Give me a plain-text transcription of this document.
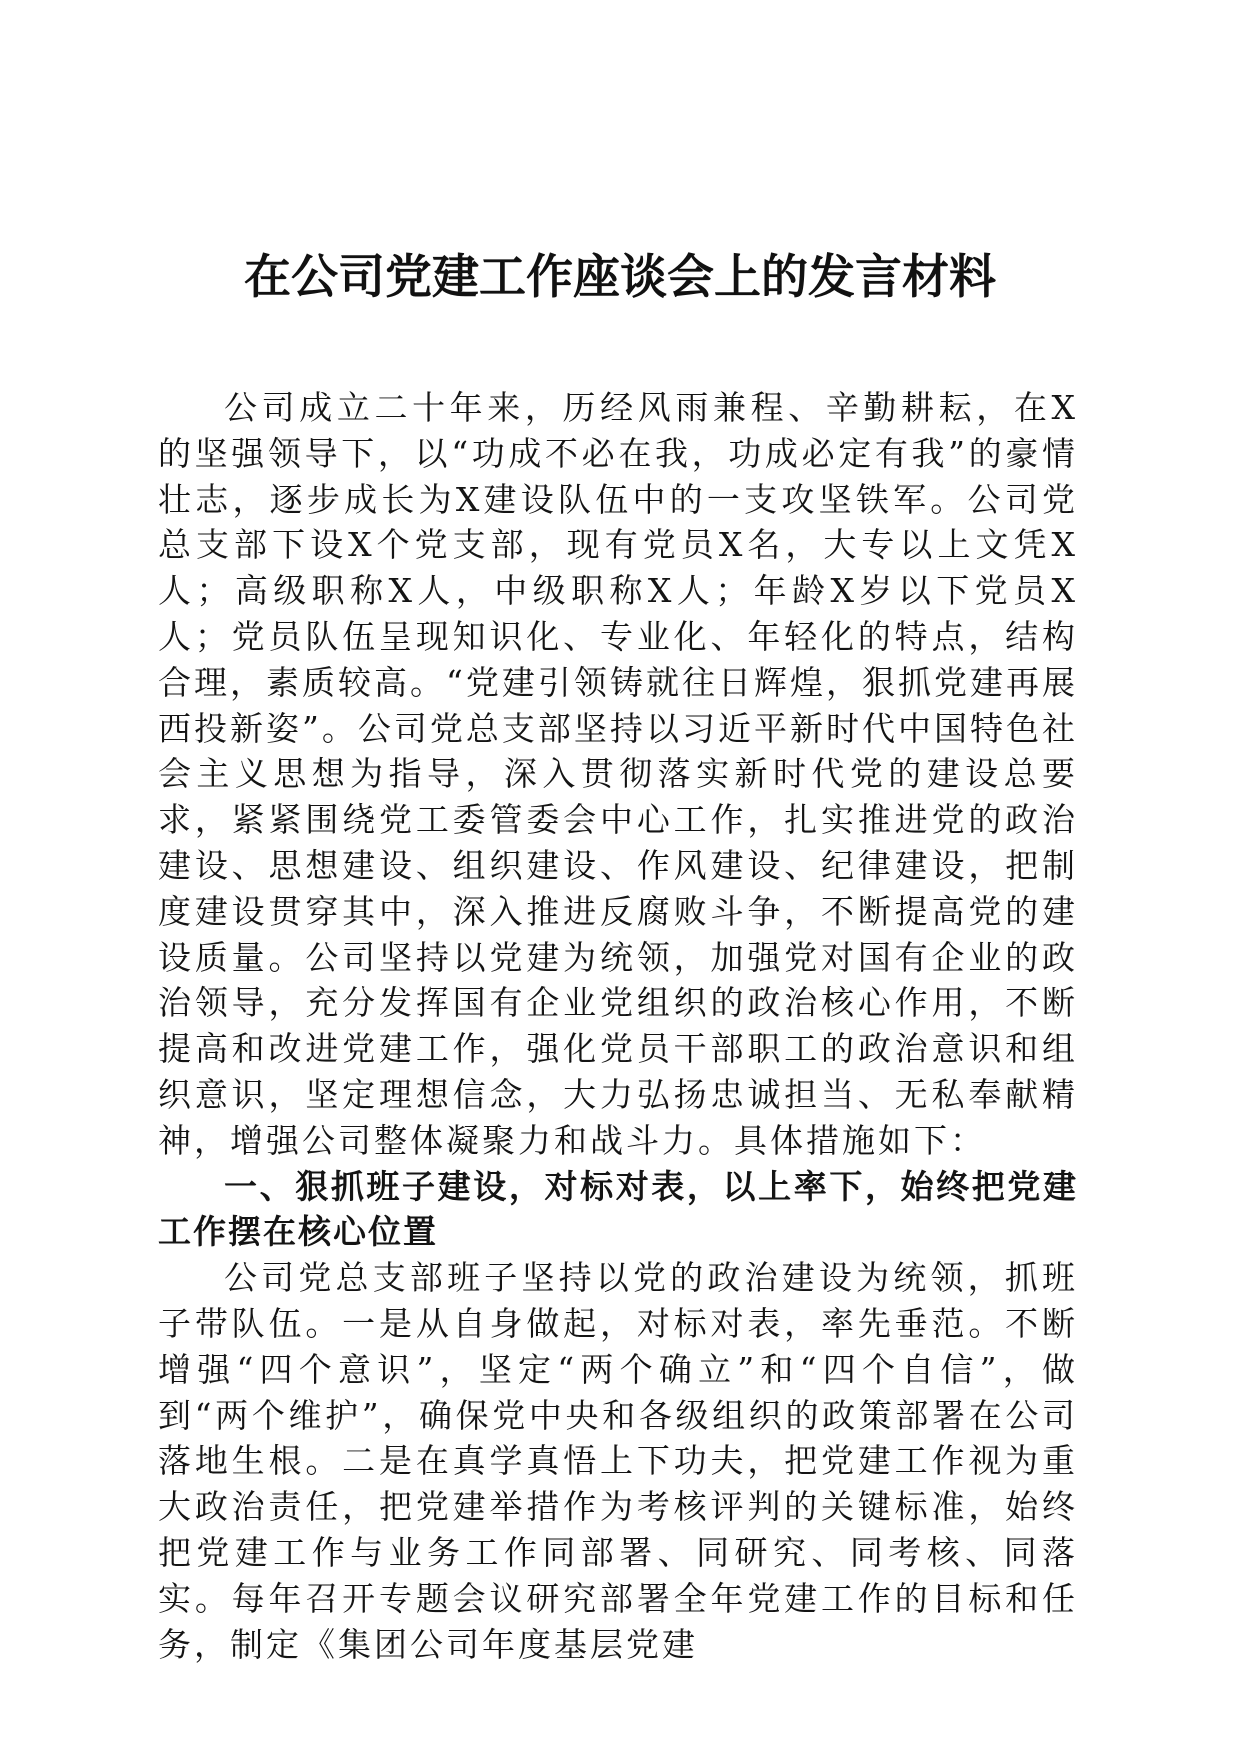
在公司党建工作座谈会上的发言材料

公司成立二十年来，历经风雨兼程、辛勤耕耘，在X的坚强领导下，以“功成不必在我，功成必定有我”的豪情壮志，逐步成长为X建设队伍中的一支攻坚铁军。公司党总支部下设X个党支部，现有党员X名，大专以上文凭X人；高级职称X人，中级职称X人；年龄X岁以下党员X人；党员队伍呈现知识化、专业化、年轻化的特点，结构合理，素质较高。“党建引领铸就往日辉煌，狠抓党建再展西投新姿”。公司党总支部坚持以习近平新时代中国特色社会主义思想为指导，深入贯彻落实新时代党的建设总要求，紧紧围绕党工委管委会中心工作，扎实推进党的政治建设、思想建设、组织建设、作风建设、纪律建设，把制度建设贯穿其中，深入推进反腐败斗争，不断提高党的建设质量。公司坚持以党建为统领，加强党对国有企业的政治领导，充分发挥国有企业党组织的政治核心作用，不断提高和改进党建工作，强化党员干部职工的政治意识和组织意识，坚定理想信念，大力弘扬忠诚担当、无私奉献精神，增强公司整体凝聚力和战斗力。具体措施如下：

一、狠抓班子建设，对标对表，以上率下，始终把党建工作摆在核心位置

公司党总支部班子坚持以党的政治建设为统领，抓班子带队伍。一是从自身做起，对标对表，率先垂范。不断增强“四个意识”，坚定“两个确立”和“四个自信”，做到“两个维护”，确保党中央和各级组织的政策部署在公司落地生根。二是在真学真悟上下功夫，把党建工作视为重大政治责任，把党建举措作为考核评判的关键标准，始终把党建工作与业务工作同部署、同研究、同考核、同落实。每年召开专题会议研究部署全年党建工作的目标和任务，制定《集团公司年度基层党建
